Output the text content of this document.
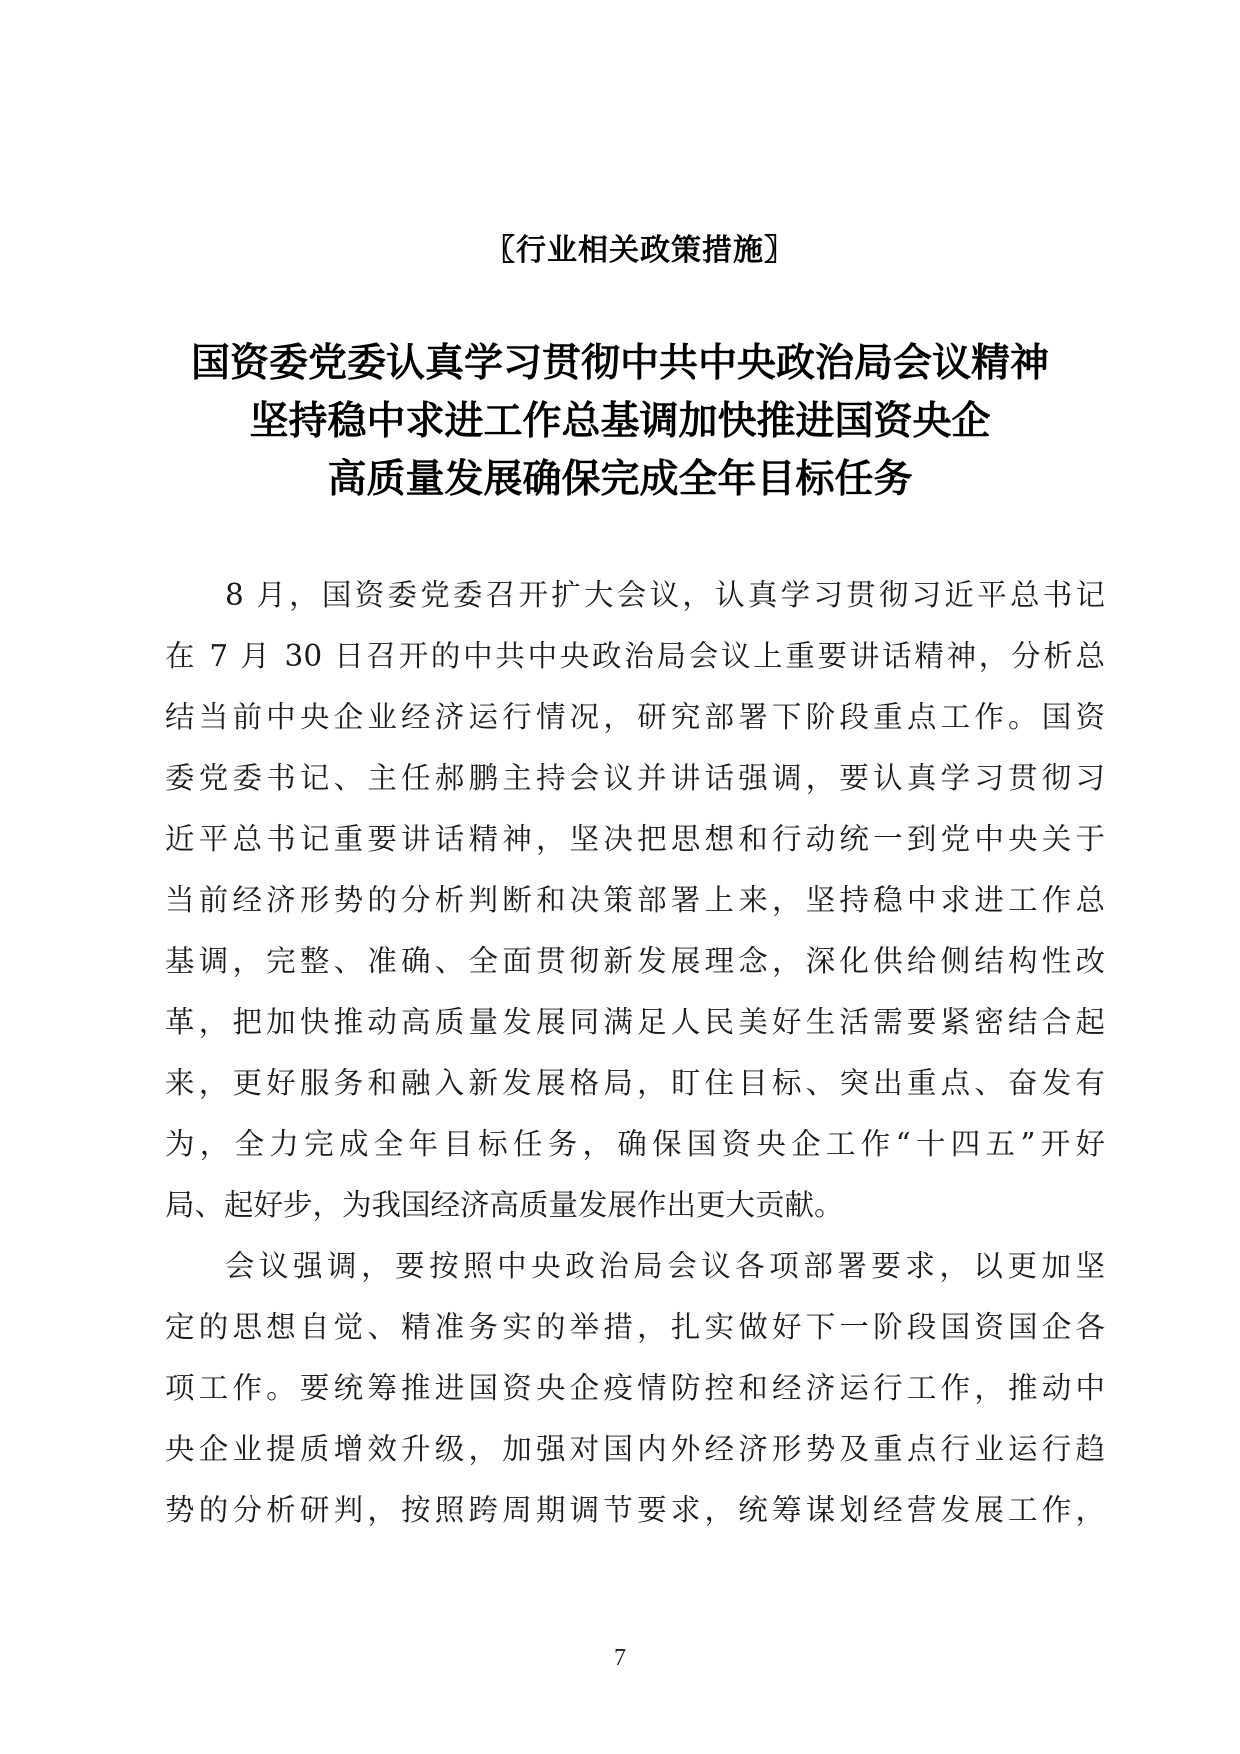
〖行业相关政策措施〗
国资委党委认真学习贯彻中共中央政治局会议精神
坚持稳中求进工作总基调加快推进国资央企
高质量发展确保完成全年目标任务
8 月，国资委党委召开扩大会议，认真学习贯彻习近平总书记
在 7 月 30 日召开的中共中央政治局会议上重要讲话精神，分析总
结当前中央企业经济运行情况，研究部署下阶段重点工作。国资
委党委书记、主任郝鹏主持会议并讲话强调，要认真学习贯彻习
近平总书记重要讲话精神，坚决把思想和行动统一到党中央关于
当前经济形势的分析判断和决策部署上来，坚持稳中求进工作总
基调，完整、准确、全面贯彻新发展理念，深化供给侧结构性改
革，把加快推动高质量发展同满足人民美好生活需要紧密结合起
来，更好服务和融入新发展格局，盯住目标、突出重点、奋发有
为，全力完成全年目标任务，确保国资央企工作“十四五”开好
局、起好步，为我国经济高质量发展作出更大贡献。
会议强调，要按照中央政治局会议各项部署要求，以更加坚
定的思想自觉、精准务实的举措，扎实做好下一阶段国资国企各
项工作。要统筹推进国资央企疫情防控和经济运行工作，推动中
央企业提质增效升级，加强对国内外经济形势及重点行业运行趋
势的分析研判，按照跨周期调节要求，统筹谋划经营发展工作，
7
